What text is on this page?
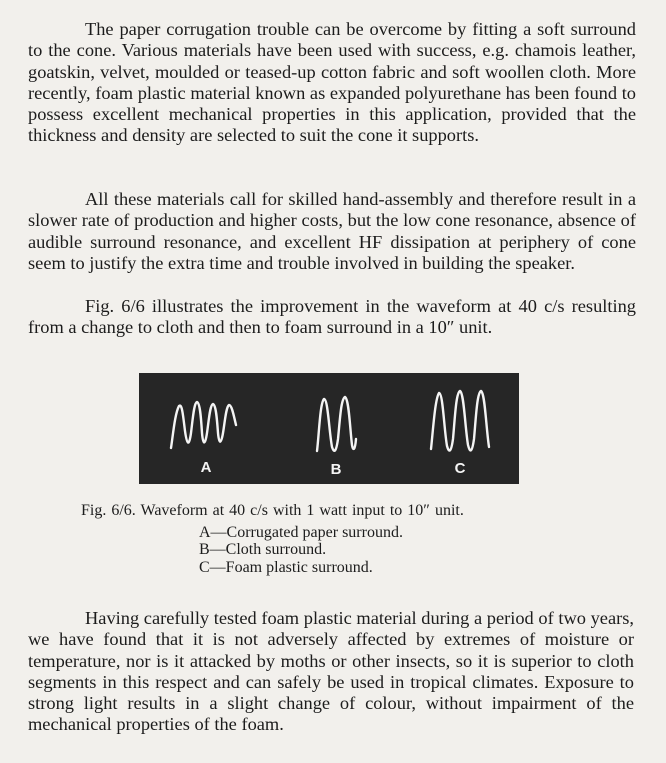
The paper corrugation trouble can be overcome by fitting a soft surround to the cone. Various materials have been used with success, e.g. chamois leather, goatskin, velvet, moulded or teased-up cotton fabric and soft woollen cloth. More recently, foam plastic material known as expanded polyurethane has been found to possess excellent mechanical properties in this application, provided that the thickness and density are selected to suit the cone it supports.

All these materials call for skilled hand-assembly and therefore result in a slower rate of production and higher costs, but the low cone resonance, absence of audible surround resonance, and excellent HF dissipation at periphery of cone seem to justify the extra time and trouble involved in building the speaker.

Fig. 6/6 illustrates the improvement in the waveform at 40 c/s resulting from a change to cloth and then to foam surround in a 10″ unit.

A	B	C

Fig. 6/6. Waveform at 40 c/s with 1 watt input to 10″ unit.

A—Corrugated paper surround.
B—Cloth surround.
C—Foam plastic surround.

Having carefully tested foam plastic material during a period of two years, we have found that it is not adversely affected by extremes of moisture or temperature, nor is it attacked by moths or other insects, so it is superior to cloth segments in this respect and can safely be used in tropical climates. Exposure to strong light results in a slight change of colour, without impairment of the mechanical properties of the foam.
